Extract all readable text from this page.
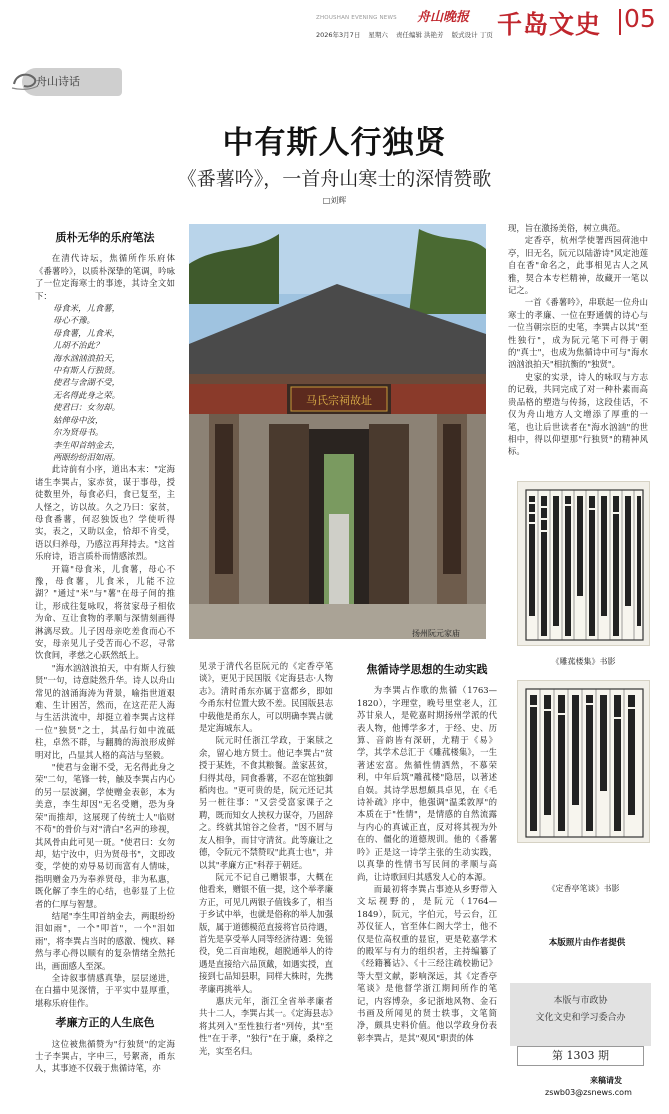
ZHOUSHAN EVENING NEWS 舟山晚报
2026年3月7日 星期六 责任编辑 洪艳芳 版式设计 丁页 千岛文史 05
舟山诗话
中有斯人行独贤
《番薯吟》，一首舟山寒士的深情赞歌
□刘辉
质朴无华的乐府笔法

在清代诗坛，焦循所作乐府体《番薯吟》，以质朴深挚的笔调，吟咏了一位定海寒士的事迹，其诗全文如下：

母食米，儿食薯，

母心不豫。

母食薯，儿食米，

儿胡不治此？

海水汹汹浪拍天，

中有斯人行独贤。

使君与舍湖不受，

无名得此身之荣。

使君曰：女勿却。

姑俾母中汝，

尔为贤母书。

李生叩首纳金去，

两眼纷纷泪如雨。

此诗前有小序，道出本末："定海诸生李巽占，家赤贫，谋于事母，授徒数里外，每食必归，食已复至，主人怪之，访以故。久之乃曰：家贫，母食番薯，何忍独饭也？学使听得实，表之，又助以金，恰却不肯受，语以归养母，乃感泣再拜持去。"这首乐府诗，语言质朴而情感浓烈。

开篇"母食米，儿食薯，母心不豫，母食薯，儿食米，儿能不泣湖？"通过"米"与"薯"在母子间的推让，形成往复咏叹，将贫家母子相依为命、互让食物的孝顺与深情刻画得淋漓尽致。儿子因母亲吃差食而心不安，母亲见儿子受苦而心不忍，寻常饮食间，孝慈之心跃然纸上。

"海水汹汹浪拍天，中有斯人行独贤"一句，诗意陡然升华。诗人以舟山常见的汹涌海涛为背景，喻指世道艰难、生计困苦，然而，在这茫茫人海与生活洪流中，却挺立着李巽占这样一位"独贤"之士，其品行如中流砥柱，卓然不群，与翻腾的海浪形成鲜明对比，凸显其人格的高洁与坚毅。

"使君与金谢不受，无名得此身之荣"二句，笔锋一转，触及李巽占内心的另一层波澜，学使赠金表彰，本为美意，李生却因"无名受赠，恐为身荣"而推却，这展现了传统士人"临财不苟"的骨价与对"清白"名声的珍视，其风骨由此可见一斑。"使君曰：女勿却，姑宁汝中，归为贤母书"，文即改变，学使的劝导易切而富有人情味，指明赠金乃为奉养贤母，非为私惠，既化解了李生的心结，也彰显了上位者的仁厚与智慧。

结尾"李生叩首纳金去，两眼纷纷泪如雨"，一个"叩首"，一个"泪如雨"，将李巽占当时的感激、愧疚、释然与孝心得以顺有的复杂情绪全然托出，画面感人至深。

全诗叙事情感真挚，层层递进，在白描中见深情，于平实中显厚重，堪称乐府佳作。

孝廉方正的人生底色

这位被焦循赞为"行独贤"的定海士子李巽占，字申三，号絮斋，甬东人，其事迹不仅载于焦循诗笔，亦

马氏宗祠故址
扬州阮元家庙

见录于清代名臣阮元的《定香亭笔谈》，更见于民国版《定海县志·人物志》。清时甬东亦属于富都乡，即如今甬东村位置大致不差。民国版县志中载他是甬东人，可以明确李巽占就是定海城东人。

阮元时任浙江学政，于案牍之余，留心地方贤士。他记李巽占"贫授于某姓，不食其粮餐。盖家甚贫，归得其母，同食番薯，不忍在馆独御稻肉也。"更可贵的是，阮元还记其另一桩往事："又尝受富家课子之聘，既而知女人挟权力谋夺，乃固辞之。终就其馆谷之俭者，"因不屑与友人相争，而甘守清贫。此等廉让之德，令阮元不禁赞叹"此真士也"，并以其"孝廉方正"科荐于朝廷。

阮元不记自己赠银事，大概在他看来，赠银不值一提，这个举孝廉方正，可见几两银子值钱多了，相当于乡试中举，也就是俗称的举人加强版，属于道德模范直接将官员待遇，首先是享受举人同等经济待遇：免徭役，免二百亩地税，超脱通举人的待遇是直接给六品顶戴，如遇实授，直接到七品知县职，同样大株时，先携孝廉再挑举人。

惠庆元年，浙江全省举孝廉者共十二人，李巽占其一。《定海县志》将其列入"至性独行者"列传，其"至性"在于孝，"独行"在于廉，桑梓之光，实至名归。

焦循诗学思想的生动实践

为李巽占作歌的焦循（1763—1820），字理堂，晚号里堂老人，江苏甘泉人，是乾嘉时期扬州学派的代表人物，他博学多才，于经、史、历算、音韵皆有深研，尤精于《易》学，其学术总汇于《雕菰楼集》，一生著述宏富。焦循性情洒然，不慕荣利，中年后筑"雕菰楼"隐居，以著述自娱。其诗学思想颇具卓见，在《毛诗补疏》序中，他强调"温柔敦厚"的本质在于"性情"，是情感的自然流露与内心的真诚正直，反对将其视为外在的、僵化的道德规训。他的《番薯吟》正是这一诗学主张的生动实践，以真挚的性情书写民间的孝顺与高尚，让诗歌回归其感发人心的本源。

而最初将李巽占事迹从乡野带入文坛视野的，是阮元（1764—1849），阮元，字伯元，号云台，江苏仪征人，官至体仁阁大学士，他不仅是位高权重的显宦，更是乾嘉学术的殿军与有力的组织者，主持编纂了《经籍籑诂》、《十三经注疏校勘记》等大型文献，影响深远，其《定香亭笔谈》是他督学浙江期间所作的笔记，内容博杂，多记浙地风物、金石书画及所闻见的贤士轶事，文笔简净，颇具史料价值。他以学政身份表彰李巽占，是其"观风"职责的体

现，旨在激扬美俗，树立典范。

定香亭，杭州学使署西园荷池中亭，旧无名，阮元以陆游诗"风定池莲自在香"命名之，此事相见古人之风雅，契合本专栏精神，故藏开一笔以记之。

一首《番薯吟》，串联起一位舟山寒士的孝廉、一位在野通儒的诗心与一位当朝宗臣的史笔，李巽占以其"至性独行"，成为阮元笔下可得于朝的"真士"，也成为焦循诗中可与"海水汹汹浪拍天"相抗衡的"独贤"。

史家的实录，诗人的咏叹与方志的记载，共同完成了对一种朴素而高贵品格的塑造与传扬，这段佳话，不仅为舟山地方人文增添了厚重的一笔，也让后世读者在"海水汹汹"的世相中，得以仰望那"行独贤"的精神风标。

《雕菰楼集》书影
《定香亭笔谈》书影
本版照片由作者提供
本版与市政协
文化文史和学习委合办
第 1303 期
来稿请发
zswb03@zsnews.com
